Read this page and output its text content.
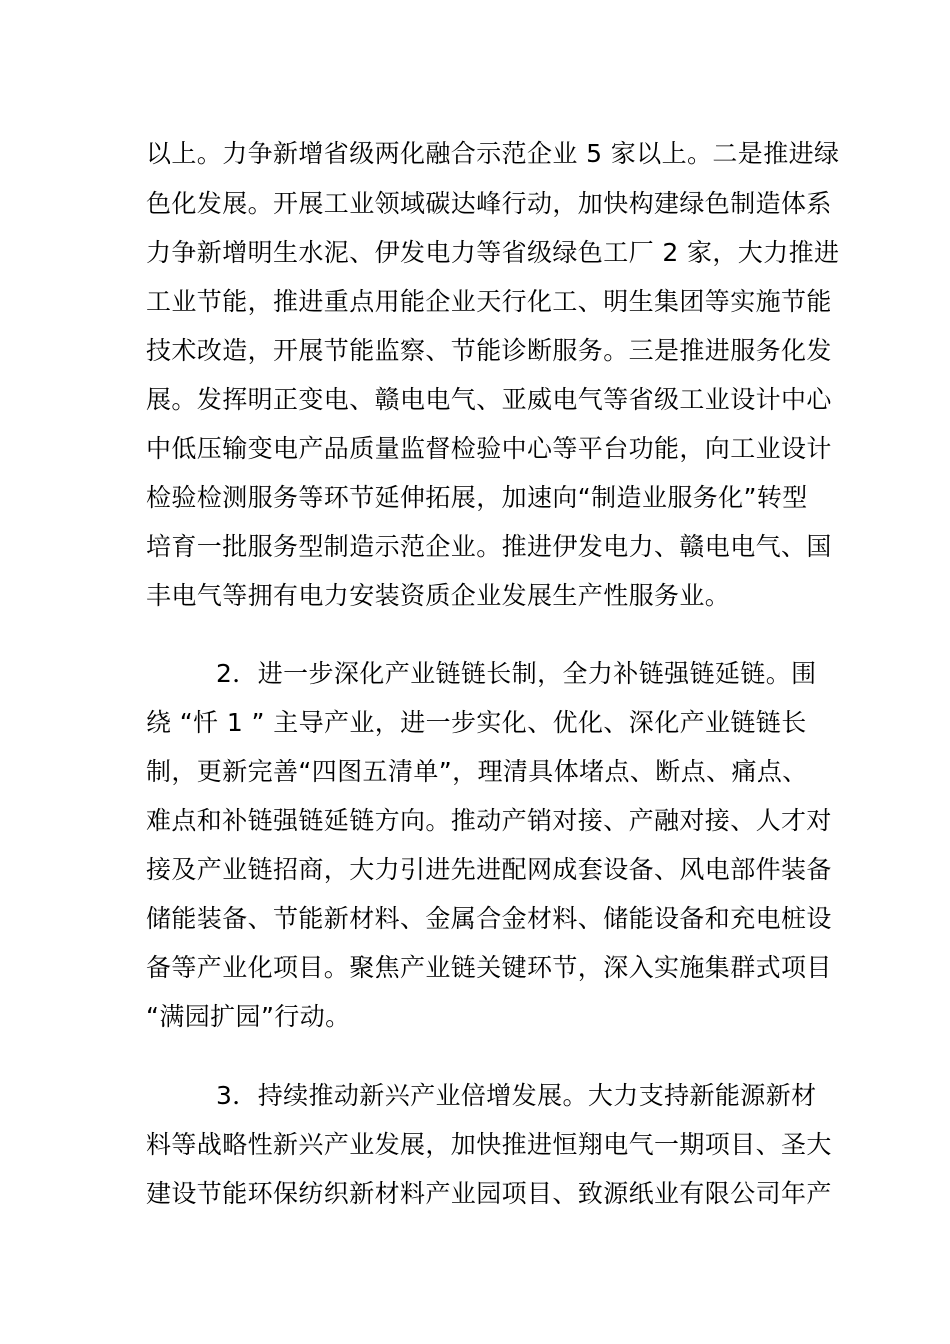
以上。力争新增省级两化融合示范企业 5 家以上。二是推进绿
色化发展。开展工业领域碳达峰行动，加快构建绿色制造体系
力争新增明生水泥、伊发电力等省级绿色工厂 2 家，大力推进
工业节能，推进重点用能企业天行化工、明生集团等实施节能
技术改造，开展节能监察、节能诊断服务。三是推进服务化发
展。发挥明正变电、赣电电气、亚威电气等省级工业设计中心
中低压输变电产品质量监督检验中心等平台功能，向工业设计
检验检测服务等环节延伸拓展，加速向“制造业服务化”转型
培育一批服务型制造示范企业。推进伊发电力、赣电电气、国
丰电气等拥有电力安装资质企业发展生产性服务业。
2．进一步深化产业链链长制，全力补链强链延链。围
绕 “忏 1 ” 主导产业，进一步实化、优化、深化产业链链长
制，更新完善“四图五清单”，理清具体堵点、断点、痛点、
难点和补链强链延链方向。推动产销对接、产融对接、人才对
接及产业链招商，大力引进先进配网成套设备、风电部件装备
储能装备、节能新材料、金属合金材料、储能设备和充电桩设
备等产业化项目。聚焦产业链关键环节，深入实施集群式项目
“满园扩园”行动。
3．持续推动新兴产业倍增发展。大力支持新能源新材
料等战略性新兴产业发展，加快推进恒翔电气一期项目、圣大
建设节能环保纺织新材料产业园项目、致源纸业有限公司年产
